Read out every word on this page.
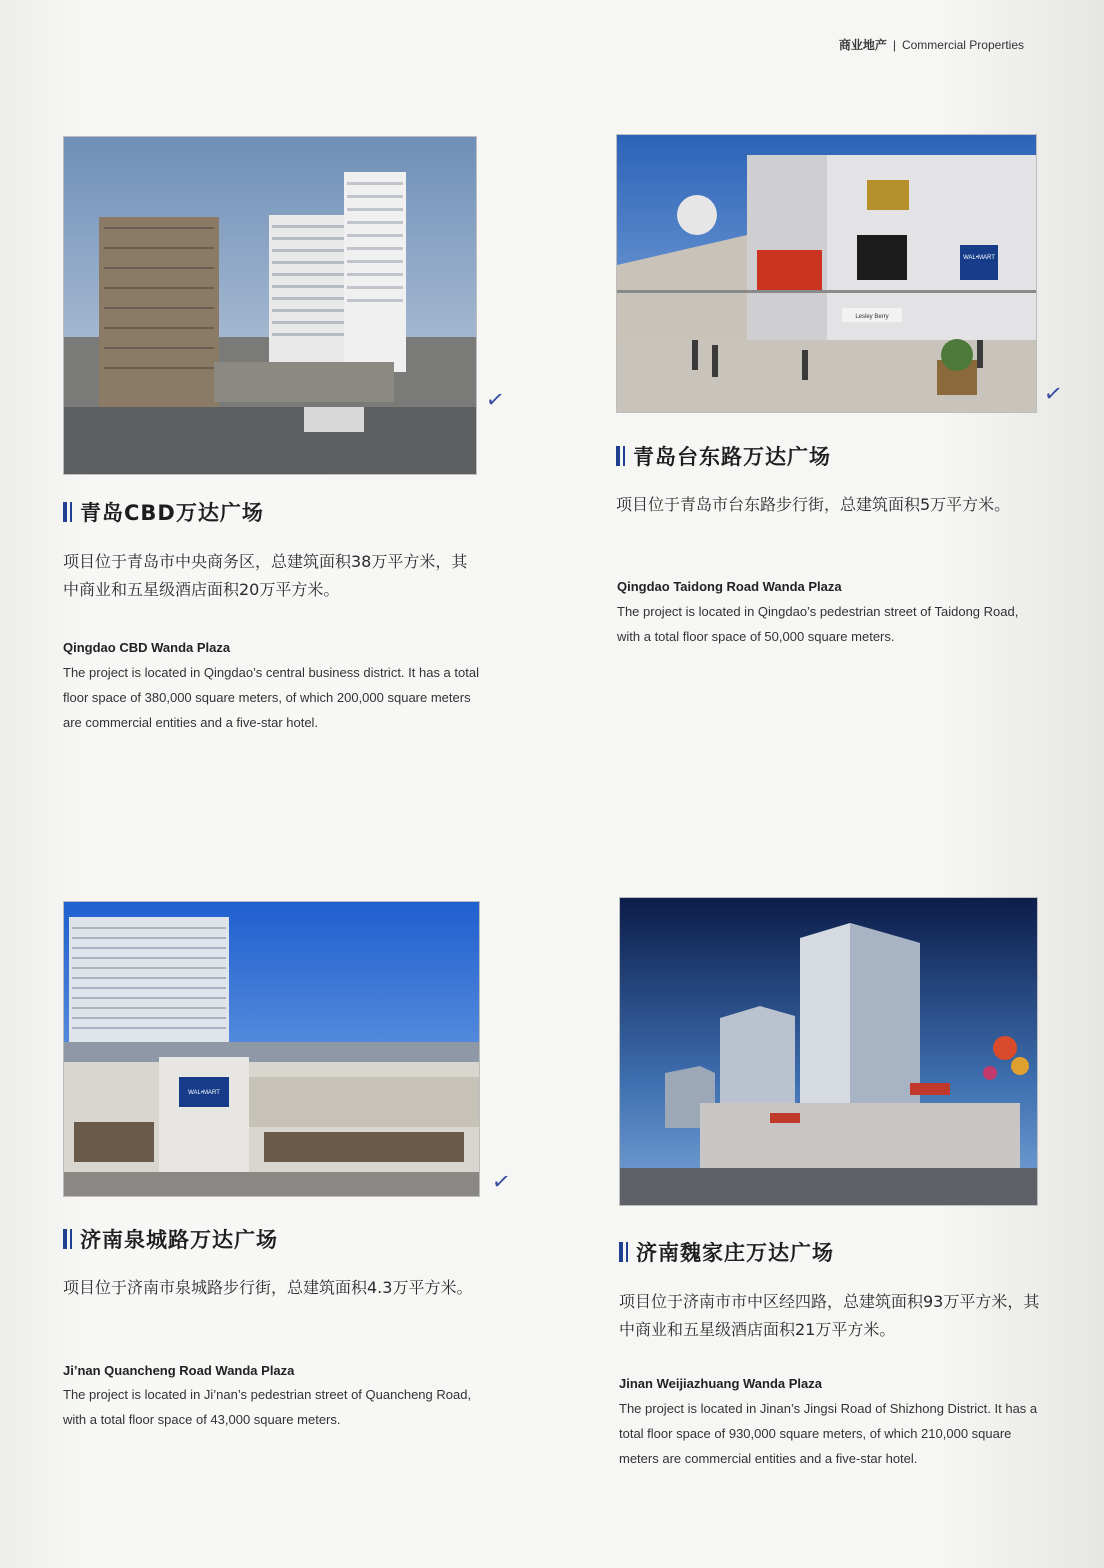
商业地产 | Commercial Properties
✓
青岛CBD万达广场
项目位于青岛市中央商务区，总建筑面积38万平方米，其中商业和五星级酒店面积20万平方米。
Qingdao CBD Wanda Plaza
The project is located in Qingdao’s central business district. It has a total floor space of 380,000 square meters, of which 200,000 square meters are commercial entities and a five-star hotel.
WAL•MART
Lesley Berry
✓
青岛台东路万达广场
项目位于青岛市台东路步行街，总建筑面积5万平方米。
Qingdao Taidong Road Wanda Plaza
The project is located in Qingdao’s pedestrian street of Taidong Road, with a total floor space of 50,000 square meters.
WAL•MART
✓
济南泉城路万达广场
项目位于济南市泉城路步行街，总建筑面积4.3万平方米。
Ji’nan Quancheng Road Wanda Plaza
The project is located in Ji’nan’s pedestrian street of Quancheng Road, with a total floor space of 43,000 square meters.
济南魏家庄万达广场
项目位于济南市市中区经四路，总建筑面积93万平方米，其中商业和五星级酒店面积21万平方米。
Jinan Weijiazhuang Wanda Plaza
The project is located in Jinan’s Jingsi Road of Shizhong District. It has a total floor space of 930,000 square meters, of which 210,000 square meters are commercial entities and a five-star hotel.
